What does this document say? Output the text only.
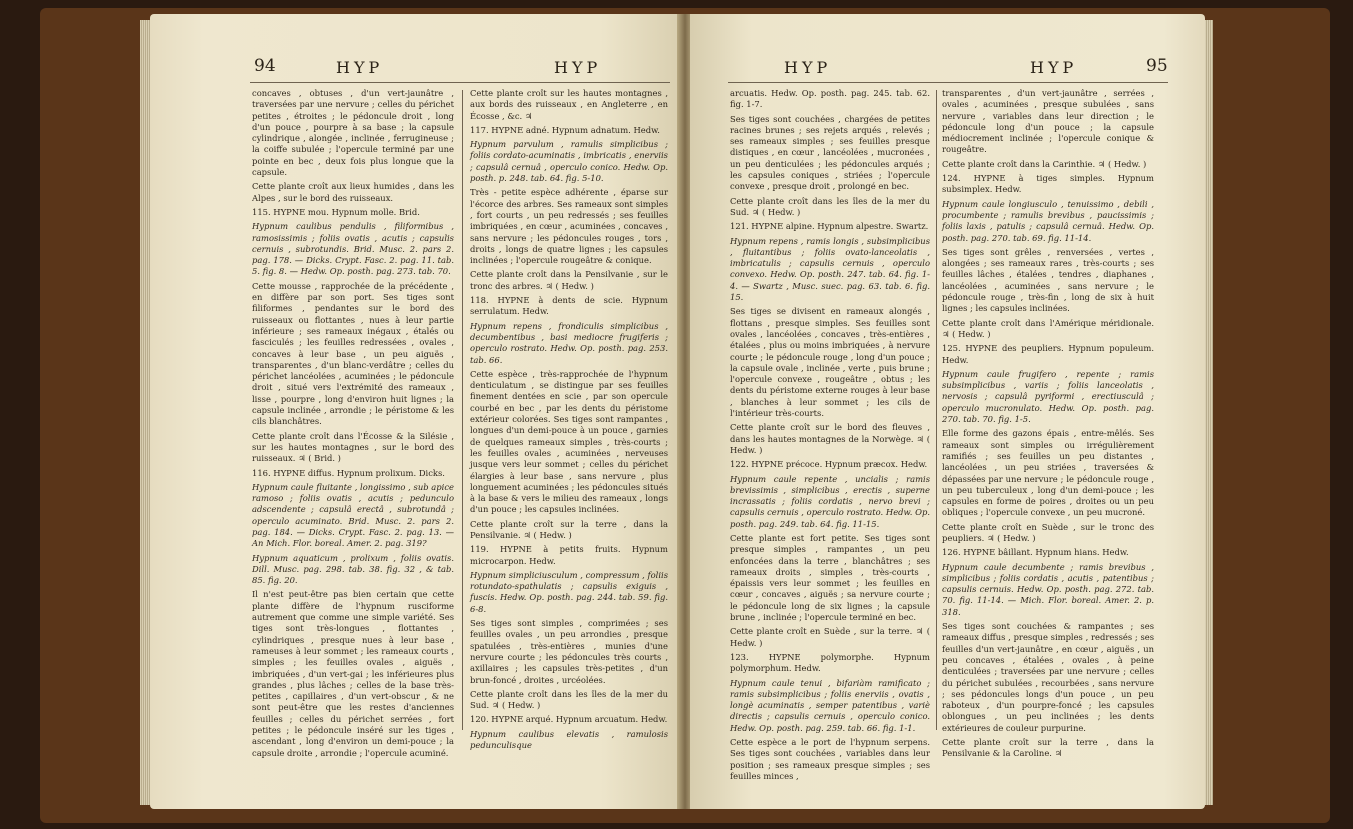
94	HYP	HYP

concaves , obtuses , d'un vert-jaunâtre , traversées par une nervure ; celles du périchet petites , étroites ; le pédoncule droit , long d'un pouce , pourpre à sa base ; la capsule cylindrique , alongée , inclinée , ferrugineuse ; la coiffe subulée ; l'opercule terminé par une pointe en bec , deux fois plus longue que la capsule.

Cette plante croît aux lieux humides , dans les Alpes , sur le bord des ruisseaux.

115. HYPNE mou. Hypnum molle. Brid.

Hypnum caulibus pendulis , filiformibus , ramosissimis ; foliis ovatis , acutis ; capsulis cernuis , subrotundis. Brid. Musc. 2. pars 2. pag. 178. — Dicks. Crypt. Fasc. 2. pag. 11. tab. 5. fig. 8. — Hedw. Op. posth. pag. 273. tab. 70.

Cette mousse , rapprochée de la précédente , en diffère par son port. Ses tiges sont filiformes , pendantes sur le bord des ruisseaux ou flottantes , nues à leur partie inférieure ; ses rameaux inégaux , étalés ou fasciculés ; les feuilles redressées , ovales , concaves à leur base , un peu aiguës , transparentes , d'un blanc-verdâtre ; celles du périchet lancéolées , acuminées ; le pédoncule droit , situé vers l'extrémité des rameaux , lisse , pourpre , long d'environ huit lignes ; la capsule inclinée , arrondie ; le péristome & les cils blanchâtres.

Cette plante croît dans l'Écosse & la Silésie , sur les hautes montagnes , sur le bord des ruisseaux. ♃ ( Brid. )

116. HYPNE diffus. Hypnum prolixum. Dicks.

Hypnum caule fluitante , longissimo , sub apice ramoso ; foliis ovatis , acutis ; pedunculo adscendente ; capsulâ erectâ , subrotundâ ; operculo acuminato. Brid. Musc. 2. pars 2. pag. 184. — Dicks. Crypt. Fasc. 2. pag. 13. — An Mich. Flor. boreal. Amer. 2. pag. 319?

Hypnum aquaticum , prolixum , foliis ovatis. Dill. Musc. pag. 298. tab. 38. fig. 32 , & tab. 85. fig. 20.

Il n'est peut-être pas bien certain que cette plante diffère de l'hypnum rusciforme autrement que comme une simple variété. Ses tiges sont très-longues , flottantes , cylindriques , presque nues à leur base , rameuses à leur sommet ; les rameaux courts , simples ; les feuilles ovales , aiguës , imbriquées , d'un vert-gai ; les inférieures plus grandes , plus lâches ; celles de la base très-petites , capillaires , d'un vert-obscur , & ne sont peut-être que les restes d'anciennes feuilles ; celles du périchet serrées , fort petites ; le pédoncule inséré sur les tiges , ascendant , long d'environ un demi-pouce ; la capsule droite , arrondie ; l'opercule acuminé.

Cette plante croît sur les hautes montagnes , aux bords des ruisseaux , en Angleterre , en Écosse , &c. ♃

117. HYPNE adné. Hypnum adnatum. Hedw.

Hypnum parvulum , ramulis simplicibus ; foliis cordato-acuminatis , imbricatis , enerviis ; capsulâ cernuâ , operculo conico. Hedw. Op. posth. p. 248. tab. 64. fig. 5-10.

Très - petite espèce adhérente , éparse sur l'écorce des arbres. Ses rameaux sont simples , fort courts , un peu redressés ; ses feuilles imbriquées , en cœur , acuminées , concaves , sans nervure ; les pédoncules rouges , tors , droits , longs de quatre lignes ; les capsules inclinées ; l'opercule rougeâtre & conique.

Cette plante croît dans la Pensilvanie , sur le tronc des arbres. ♃ ( Hedw. )

118. HYPNE à dents de scie. Hypnum serrulatum. Hedw.

Hypnum repens , frondiculis simplicibus , decumbentibus , basi mediocre frugiferis ; operculo rostrato. Hedw. Op. posth. pag. 253. tab. 66.

Cette espèce , très-rapprochée de l'hypnum denticulatum , se distingue par ses feuilles finement dentées en scie , par son opercule courbé en bec , par les dents du péristome extérieur colorées. Ses tiges sont rampantes , longues d'un demi-pouce à un pouce , garnies de quelques rameaux simples , très-courts ; les feuilles ovales , acuminées , nerveuses jusque vers leur sommet ; celles du périchet élargies à leur base , sans nervure , plus longuement acuminées ; les pédoncules situés à la base & vers le milieu des rameaux , longs d'un pouce ; les capsules inclinées.

Cette plante croît sur la terre , dans la Pensilvanie. ♃ ( Hedw. )

119. HYPNE à petits fruits. Hypnum microcarpon. Hedw.

Hypnum simpliciusculum , compressum , foliis rotundato-spathulatis ; capsulis exiguis , fuscis. Hedw. Op. posth. pag. 244. tab. 59. fig. 6-8.

Ses tiges sont simples , comprimées ; ses feuilles ovales , un peu arrondies , presque spatulées , très-entières , munies d'une nervure courte ; les pédoncules très courts , axillaires ; les capsules très-petites , d'un brun-foncé , droites , urcéolées.

Cette plante croît dans les îles de la mer du Sud. ♃ ( Hedw. )

120. HYPNE arqué. Hypnum arcuatum. Hedw.

Hypnum caulibus elevatis , ramulosis pedunculisque

HYP	HYP	95

arcuatis. Hedw. Op. posth. pag. 245. tab. 62. fig. 1-7.

Ses tiges sont couchées , chargées de petites racines brunes ; ses rejets arqués , relevés ; ses rameaux simples ; ses feuilles presque distiques , en cœur , lancéolées , mucronées , un peu denticulées ; les pédoncules arqués ; les capsules coniques , striées ; l'opercule convexe , presque droit , prolongé en bec.

Cette plante croît dans les îles de la mer du Sud. ♃ ( Hedw. )

121. HYPNE alpine. Hypnum alpestre. Swartz.

Hypnum repens , ramis longis , subsimplicibus , fluitantibus ; foliis ovato-lanceolatis , imbricatulis ; capsulis cernuis , operculo convexo. Hedw. Op. posth. 247. tab. 64. fig. 1-4. — Swartz , Musc. suec. pag. 63. tab. 6. fig. 15.

Ses tiges se divisent en rameaux alongés , flottans , presque simples. Ses feuilles sont ovales , lancéolées , concaves , très-entières , étalées , plus ou moins imbriquées , à nervure courte ; le pédoncule rouge , long d'un pouce ; la capsule ovale , inclinée , verte , puis brune ; l'opercule convexe , rougeâtre , obtus ; les dents du péristome externe rouges à leur base , blanches à leur sommet ; les cils de l'intérieur très-courts.

Cette plante croît sur le bord des fleuves , dans les hautes montagnes de la Norwège. ♃ ( Hedw. )

122. HYPNE précoce. Hypnum præcox. Hedw.

Hypnum caule repente , uncialis ; ramis brevissimis , simplicibus , erectis , superne incrassatis ; foliis cordatis , nervo brevi ; capsulis cernuis , operculo rostrato. Hedw. Op. posth. pag. 249. tab. 64. fig. 11-15.

Cette plante est fort petite. Ses tiges sont presque simples , rampantes , un peu enfoncées dans la terre , blanchâtres ; ses rameaux droits , simples , très-courts , épaissis vers leur sommet ; les feuilles en cœur , concaves , aiguës ; sa nervure courte ; le pédoncule long de six lignes ; la capsule brune , inclinée ; l'opercule terminé en bec.

Cette plante croît en Suède , sur la terre. ♃ ( Hedw. )

123. HYPNE polymorphe. Hypnum polymorphum. Hedw.

Hypnum caule tenui , bifariàm ramificato ; ramis subsimplicibus ; foliis enerviis , ovatis , longè acuminatis , semper patentibus , variè directis ; capsulis cernuis , operculo conico. Hedw. Op. posth. pag. 259. tab. 66. fig. 1-1.

Cette espèce a le port de l'hypnum serpens. Ses tiges sont couchées , variables dans leur position ; ses rameaux presque simples ; ses feuilles minces ,

transparentes , d'un vert-jaunâtre , serrées , ovales , acuminées , presque subulées , sans nervure , variables dans leur direction ; le pédoncule long d'un pouce ; la capsule médiocrement inclinée ; l'opercule conique & rougeâtre.

Cette plante croît dans la Carinthie. ♃ ( Hedw. )

124. HYPNE à tiges simples. Hypnum subsimplex. Hedw.

Hypnum caule longiusculo , tenuissimo , debili , procumbente ; ramulis brevibus , paucissimis ; foliis laxis , patulis ; capsulâ cernuâ. Hedw. Op. posth. pag. 270. tab. 69. fig. 11-14.

Ses tiges sont grêles , renversées , vertes , alongées ; ses rameaux rares , très-courts ; ses feuilles lâches , étalées , tendres , diaphanes , lancéolées , acuminées , sans nervure ; le pédoncule rouge , très-fin , long de six à huit lignes ; les capsules inclinées.

Cette plante croît dans l'Amérique méridionale. ♃ ( Hedw. )

125. HYPNE des peupliers. Hypnum populeum. Hedw.

Hypnum caule frugifero , repente ; ramis subsimplicibus , variis ; foliis lanceolatis , nervosis ; capsulâ pyriformi , erectiusculâ ; operculo mucronulato. Hedw. Op. posth. pag. 270. tab. 70. fig. 1-5.

Elle forme des gazons épais , entre-mêlés. Ses rameaux sont simples ou irrégulièrement ramifiés ; ses feuilles un peu distantes , lancéolées , un peu striées , traversées & dépassées par une nervure ; le pédoncule rouge , un peu tuberculeux , long d'un demi-pouce ; les capsules en forme de poires , droites ou un peu obliques ; l'opercule convexe , un peu mucroné.

Cette plante croît en Suède , sur le tronc des peupliers. ♃ ( Hedw. )

126. HYPNE bâillant. Hypnum hians. Hedw.

Hypnum caule decumbente ; ramis brevibus , simplicibus ; foliis cordatis , acutis , patentibus ; capsulis cernuis. Hedw. Op. posth. pag. 272. tab. 70. fig. 11-14. — Mich. Flor. boreal. Amer. 2. p. 318.

Ses tiges sont couchées & rampantes ; ses rameaux diffus , presque simples , redressés ; ses feuilles d'un vert-jaunâtre , en cœur , aiguës , un peu concaves , étalées , ovales , à peine denticulées ; traversées par une nervure ; celles du périchet subulées , recourbées , sans nervure ; ses pédoncules longs d'un pouce , un peu raboteux , d'un pourpre-foncé ; les capsules oblongues , un peu inclinées ; les dents extérieures de couleur purpurine.

Cette plante croît sur la terre , dans la Pensilvanie & la Caroline. ♃
